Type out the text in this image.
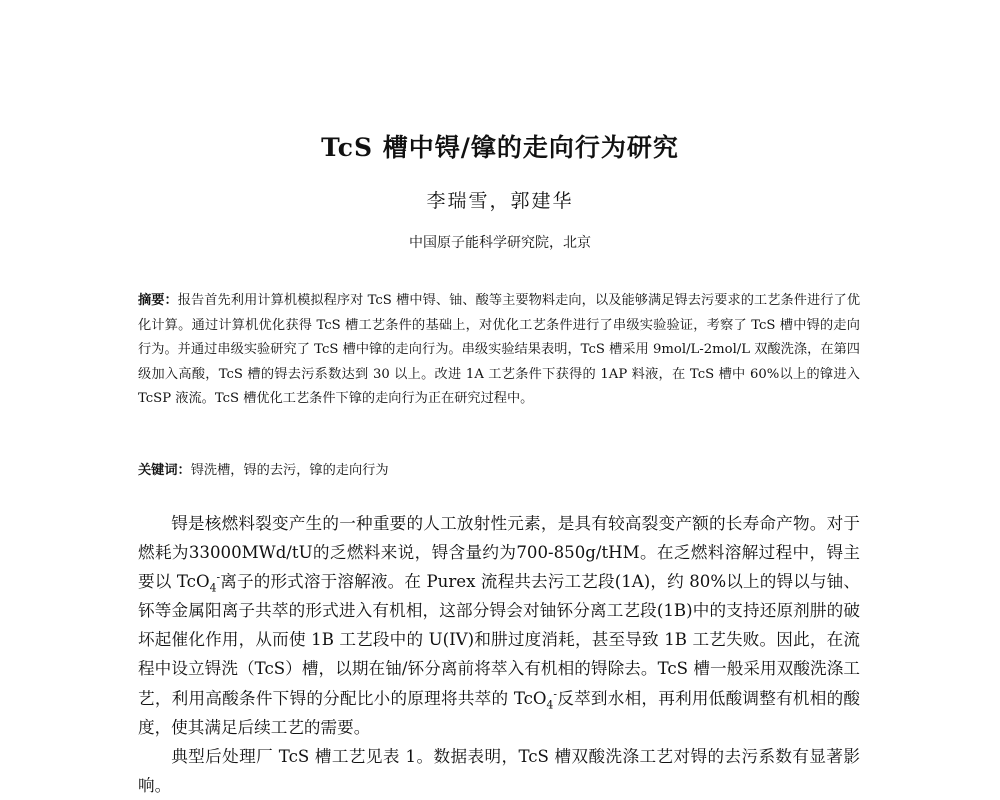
TcS 槽中锝/镎的走向行为研究
李瑞雪，郭建华
中国原子能科学研究院，北京
摘要：报告首先利用计算机模拟程序对 TcS 槽中锝、铀、酸等主要物料走向，以及能够满足锝去污要求的工艺条件进行了优化计算。通过计算机优化获得 TcS 槽工艺条件的基础上，对优化工艺条件进行了串级实验验证，考察了 TcS 槽中锝的走向行为。并通过串级实验研究了 TcS 槽中镎的走向行为。串级实验结果表明，TcS 槽采用 9mol/L-2mol/L 双酸洗涤，在第四级加入高酸，TcS 槽的锝去污系数达到 30 以上。改进 1A 工艺条件下获得的 1AP 料液，在 TcS 槽中 60%以上的镎进入 TcSP 液流。TcS 槽优化工艺条件下镎的走向行为正在研究过程中。
关键词：锝洗槽，锝的去污，镎的走向行为

锝是核燃料裂变产生的一种重要的人工放射性元素，是具有较高裂变产额的长寿命产物。对于燃耗为33000MWd/tU的乏燃料来说，锝含量约为700-850g/tHM。在乏燃料溶解过程中，锝主要以 TcO$_4$-离子的形式溶于溶解液。在 Purex 流程共去污工艺段(1A)，约 80%以上的锝以与铀、钚等金属阳离子共萃的形式进入有机相，这部分锝会对铀钚分离工艺段(1B)中的支持还原剂肼的破坏起催化作用，从而使 1B 工艺段中的 U(IV)和肼过度消耗，甚至导致 1B 工艺失败。因此，在流程中设立锝洗（TcS）槽，以期在铀/钚分离前将萃入有机相的锝除去。TcS 槽一般采用双酸洗涤工艺，利用高酸条件下锝的分配比小的原理将共萃的 TcO$_4$-反萃到水相，再利用低酸调整有机相的酸度，使其满足后续工艺的需要。

典型后处理厂 TcS 槽工艺见表 1。数据表明，TcS 槽双酸洗涤工艺对锝的去污系数有显著影响。
